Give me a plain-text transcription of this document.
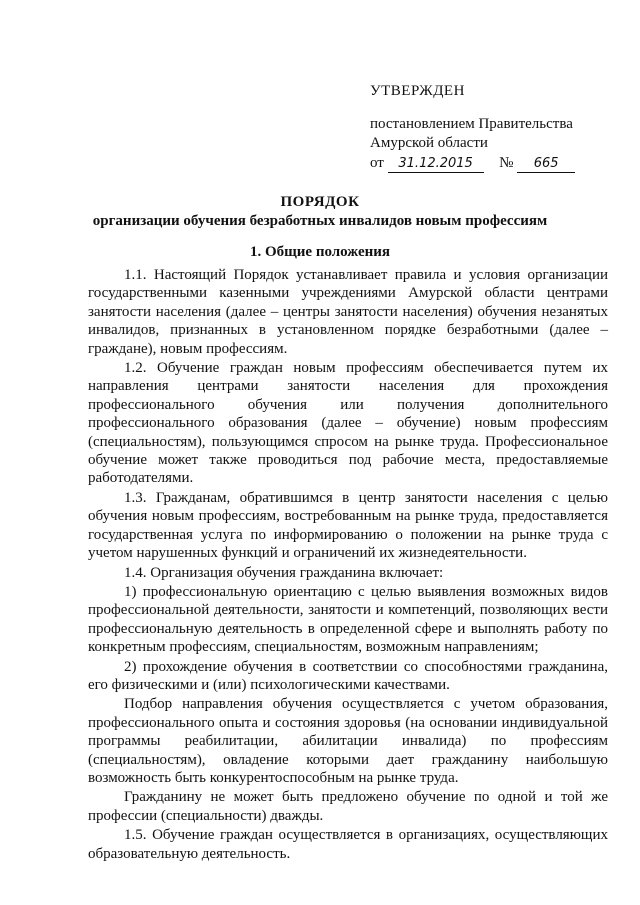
УТВЕРЖДЕН
постановлением Правительства
Амурской области
от 31.12.2015 № 665
ПОРЯДОК
организации обучения безработных инвалидов новым профессиям
1. Общие положения

1.1. Настоящий Порядок устанавливает правила и условия организации государственными казенными учреждениями Амурской области центрами занятости населения (далее – центры занятости населения) обучения незанятых инвалидов, признанных в установленном порядке безработными (далее – граждане), новым профессиям.

1.2. Обучение граждан новым профессиям обеспечивается путем их направления центрами занятости населения для прохождения профессионального обучения или получения дополнительного профессионального образования (далее – обучение) новым профессиям (специальностям), пользующимся спросом на рынке труда. Профессиональное обучение может также проводиться под рабочие места, предоставляемые работодателями.

1.3. Гражданам, обратившимся в центр занятости населения с целью обучения новым профессиям, востребованным на рынке труда, предоставляется государственная услуга по информированию о положении на рынке труда с учетом нарушенных функций и ограничений их жизнедеятельности.

1.4. Организация обучения гражданина включает:

1) профессиональную ориентацию с целью выявления возможных видов профессиональной деятельности, занятости и компетенций, позволяющих вести профессиональную деятельность в определенной сфере и выполнять работу по конкретным профессиям, специальностям, возможным направлениям;

2) прохождение обучения в соответствии со способностями гражданина, его физическими и (или) психологическими качествами.

Подбор направления обучения осуществляется с учетом образования, профессионального опыта и состояния здоровья (на основании индивидуальной программы реабилитации, абилитации инвалида) по профессиям (специальностям), овладение которыми дает гражданину наибольшую возможность быть конкурентоспособным на рынке труда.

Гражданину не может быть предложено обучение по одной и той же профессии (специальности) дважды.

1.5. Обучение граждан осуществляется в организациях, осуществляющих образовательную деятельность.
